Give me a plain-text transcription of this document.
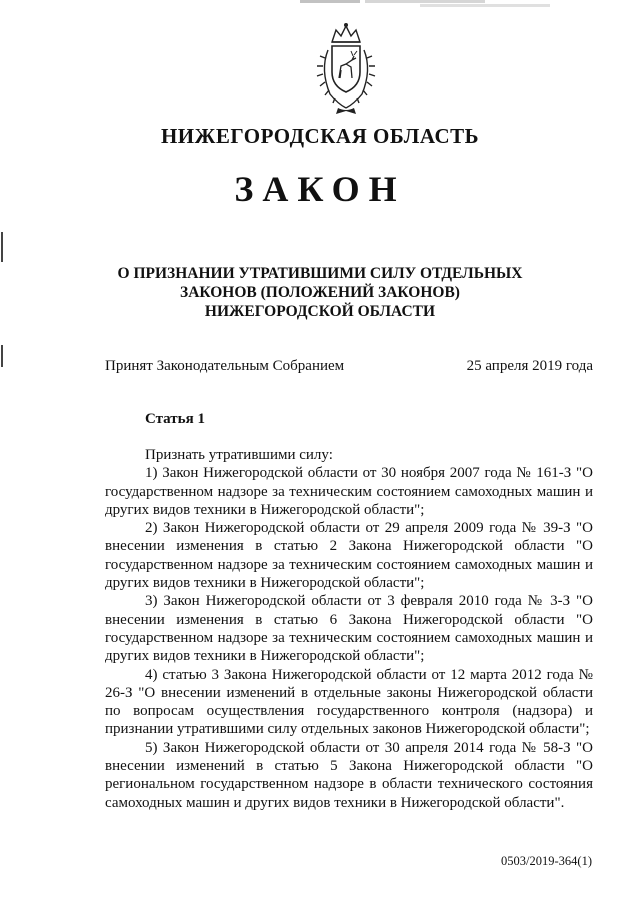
НИЖЕГОРОДСКАЯ ОБЛАСТЬ
ЗАКОН
О ПРИЗНАНИИ УТРАТИВШИМИ СИЛУ ОТДЕЛЬНЫХ
ЗАКОНОВ (ПОЛОЖЕНИЙ ЗАКОНОВ)
НИЖЕГОРОДСКОЙ ОБЛАСТИ
Принят Законодательным Собранием	25 апреля 2019 года
Статья 1

Признать утратившими силу:

1) Закон Нижегородской области от 30 ноября 2007 года № 161-З "О государственном надзоре за техническим состоянием самоходных машин и других видов техники в Нижегородской области";

2) Закон Нижегородской области от 29 апреля 2009 года № 39-З "О внесении изменения в статью 2 Закона Нижегородской области "О государственном надзоре за техническим состоянием самоходных машин и других видов техники в Нижегородской области";

3) Закон Нижегородской области от 3 февраля 2010 года № 3-З "О внесении изменения в статью 6 Закона Нижегородской области "О государственном надзоре за техническим состоянием самоходных машин и других видов техники в Нижегородской области";

4) статью 3 Закона Нижегородской области от 12 марта 2012 года № 26-З "О внесении изменений в отдельные законы Нижегородской области по вопросам осуществления государственного контроля (надзора) и признании утратившими силу отдельных законов Нижегородской области";

5) Закон Нижегородской области от 30 апреля 2014 года № 58-З "О внесении изменений в статью 5 Закона Нижегородской области "О региональном государственном надзоре в области технического состояния самоходных машин и других видов техники в Нижегородской области".

0503/2019-364(1)
